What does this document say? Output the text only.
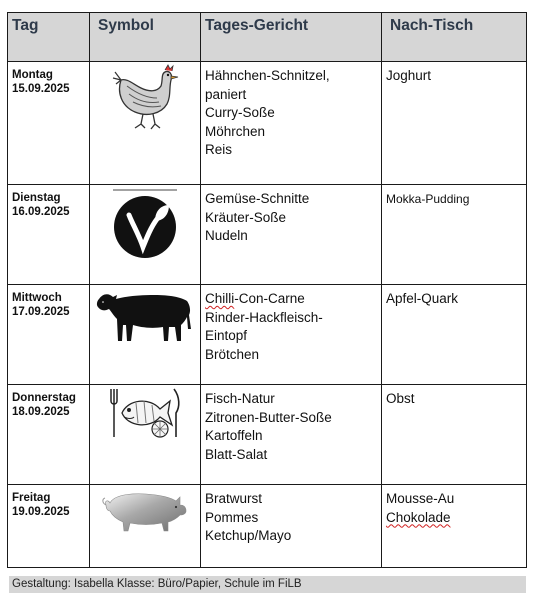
Tag	Symbol	Tages-Gericht	Nach-Tisch

Montag
15.09.2025		Hähnchen-Schnitzel,
paniert
Curry-Soße
Möhrchen
Reis	Joghurt

Dienstag
16.09.2025		Gemüse-Schnitte
Kräuter-Soße
Nudeln	Mokka-Pudding

Mittwoch
17.09.2025		Chilli-Con-Carne
Rinder-Hackfleisch-
Eintopf
Brötchen	Apfel-Quark

Donnerstag
18.09.2025		Fisch-Natur
Zitronen-Butter-Soße
Kartoffeln
Blatt-Salat	Obst

Freitag
19.09.2025		Bratwurst
Pommes
Ketchup/Mayo	Mousse-Au
Chokolade
Gestaltung: Isabella Klasse: Büro/Papier, Schule im FiLB
